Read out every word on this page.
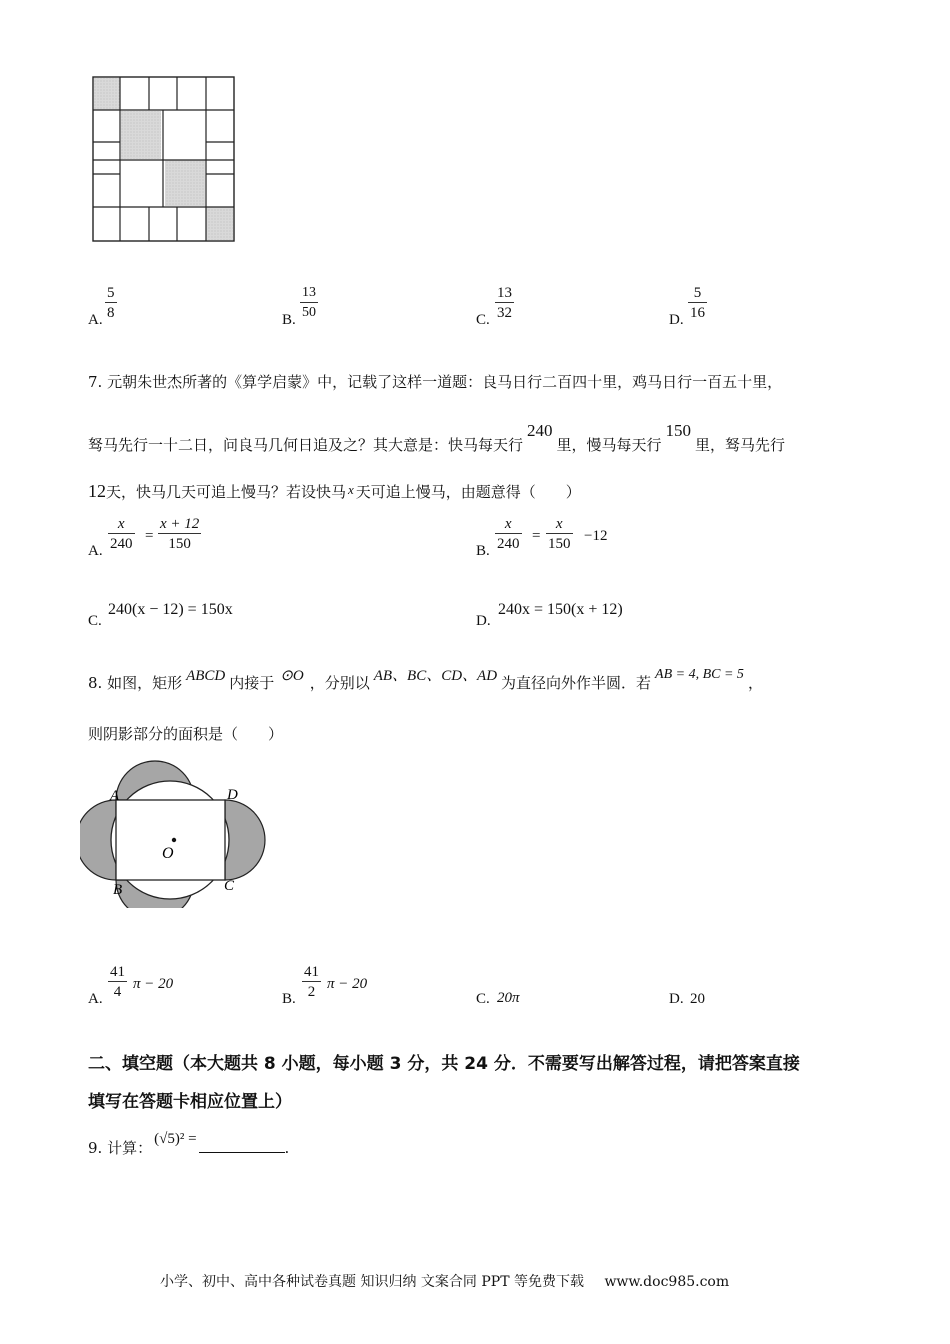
A.
5
8	B.
13
50	C.
13
32	D.
5
16
7. 元朝朱世杰所著的《算学启蒙》中，记载了这样一道题：良马日行二百四十里，鸡马日行一百五十里，
驽马先行一十二日，问良马几何日追及之？其大意是：快马每天行240里，慢马每天行150里，驽马先行
12天，快马几天可追上慢马？若设快马 x 天可追上慢马，由题意得（　　）
A.
x
240 =
x + 12
150	B.
x
240 =
x
150 −12
C.
240(x − 12) = 150x
D.
240x = 150(x + 12)
8. 如图，矩形 ABCD 内接于 ⊙O ，分别以 AB、BC、CD、AD 为直径向外作半圆．若 AB = 4, BC = 5 ，
则阴影部分的面积是（　　）
A	D
B	C
O
A.
41
4 π − 20
B.
41
2 π − 20
C. 20π	D. 20
二、填空题（本大题共 8 小题，每小题 3 分，共 24 分．不需要写出解答过程，请把答案直接
填写在答题卡相应位置上）
9. 计算： (√5)² =	.
小学、初中、高中各种试卷真题 知识归纳 文案合同 PPT 等免费下载 www.doc985.com
